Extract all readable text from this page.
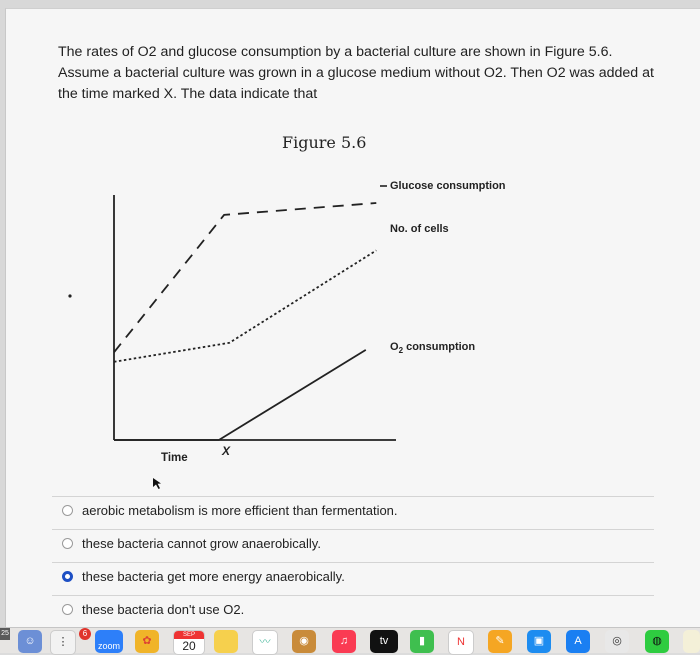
The rates of O2 and glucose consumption by a bacterial culture are shown in Figure 5.6. Assume a bacterial culture was grown in a glucose medium without O2. Then O2 was added at the time marked X. The data indicate that
Figure 5.6
Glucose consumption
No. of cells
$O_2$ consumption
Time	X
aerobic metabolism is more efficient than fermentation.
these bacteria cannot grow anaerobically.
these bacteria get more energy anaerobically.
these bacteria don't use O2.
☺	⋮
6
zoom	✿	SEP
20	〰	◉	♫	tv	▮	N	✎	▣	A	◎	◍
25
